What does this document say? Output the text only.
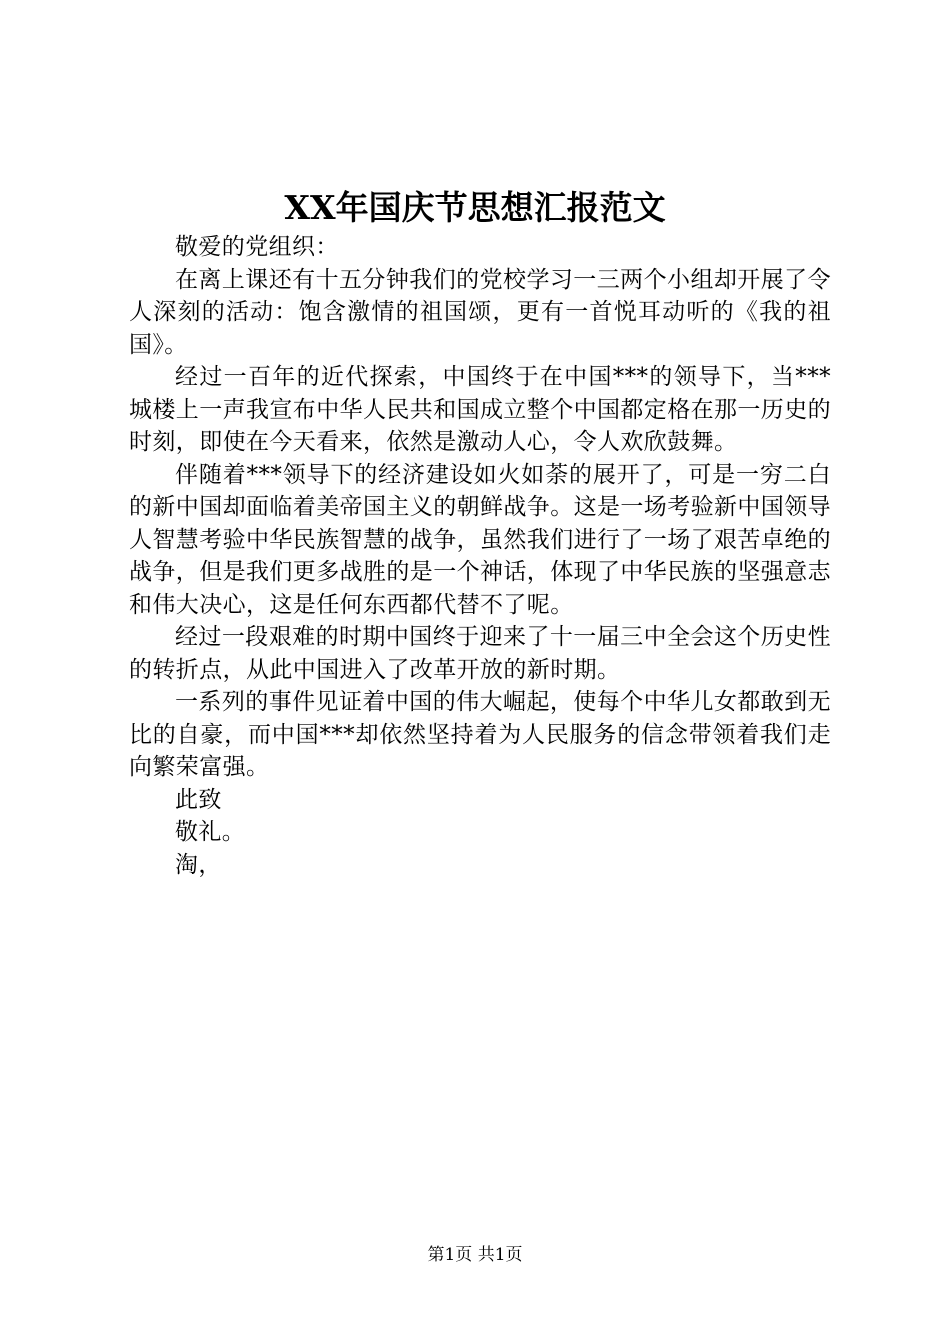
XX年国庆节思想汇报范文

敬爱的党组织：

在离上课还有十五分钟我们的党校学习一三两个小组却开展了令人深刻的活动：饱含激情的祖国颂，更有一首悦耳动听的《我的祖国》。

经过一百年的近代探索，中国终于在中国***的领导下，当***城楼上一声我宣布中华人民共和国成立整个中国都定格在那一历史的时刻，即使在今天看来，依然是激动人心，令人欢欣鼓舞。

伴随着***领导下的经济建设如火如荼的展开了，可是一穷二白的新中国却面临着美帝国主义的朝鲜战争。这是一场考验新中国领导人智慧考验中华民族智慧的战争，虽然我们进行了一场了艰苦卓绝的战争，但是我们更多战胜的是一个神话，体现了中华民族的坚强意志和伟大决心，这是任何东西都代替不了呢。

经过一段艰难的时期中国终于迎来了十一届三中全会这个历史性的转折点，从此中国进入了改革开放的新时期。

一系列的事件见证着中国的伟大崛起，使每个中华儿女都敢到无比的自豪，而中国***却依然坚持着为人民服务的信念带领着我们走向繁荣富强。

此致

敬礼。

淘，

第1页 共1页
